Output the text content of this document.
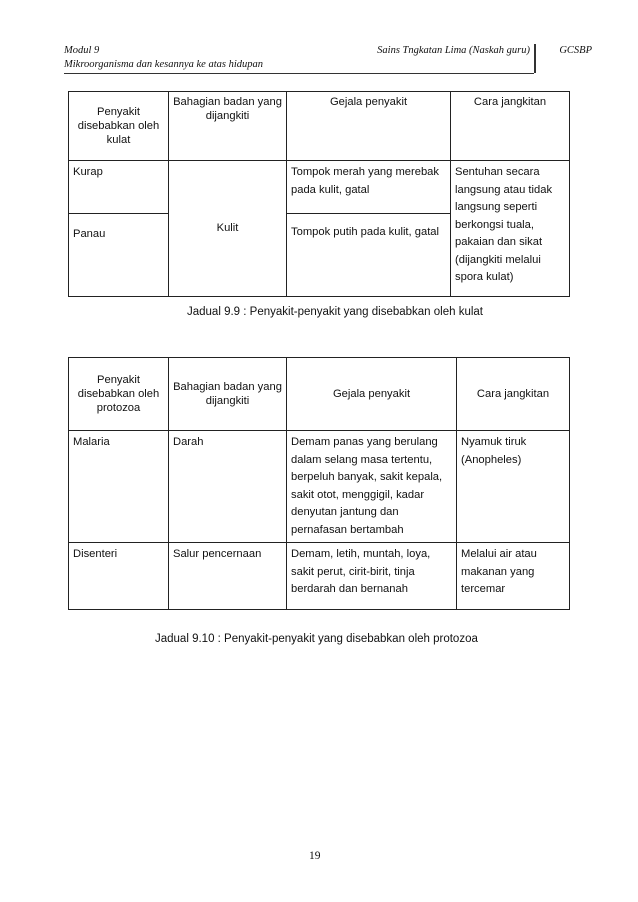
Modul 9
Mikroorganisma dan kesannya ke atas hidupan
Sains Tngkatan Lima (Naskah guru)	GCSBP
Penyakit disebabkan oleh kulat	Bahagian badan yang dijangkiti	Gejala penyakit	Cara jangkitan
Kurap	Kulit	Tompok merah yang merebak pada kulit, gatal	Sentuhan secara langsung atau tidak langsung seperti berkongsi tuala, pakaian dan sikat (dijangkiti melalui spora kulat)
Panau		Tompok putih pada kulit, gatal	
Jadual 9.9 : Penyakit-penyakit yang disebabkan oleh kulat
Penyakit disebabkan oleh protozoa	Bahagian badan yang dijangkiti	Gejala penyakit	Cara jangkitan
Malaria	Darah	Demam panas yang berulang dalam selang masa tertentu, berpeluh banyak, sakit kepala, sakit otot, menggigil, kadar denyutan jantung dan pernafasan bertambah	Nyamuk tiruk (Anopheles)
Disenteri	Salur pencernaan	Demam, letih, muntah, loya, sakit perut, cirit-birit, tinja berdarah dan bernanah	Melalui air atau makanan yang tercemar
Jadual 9.10 : Penyakit-penyakit yang disebabkan oleh protozoa
19
